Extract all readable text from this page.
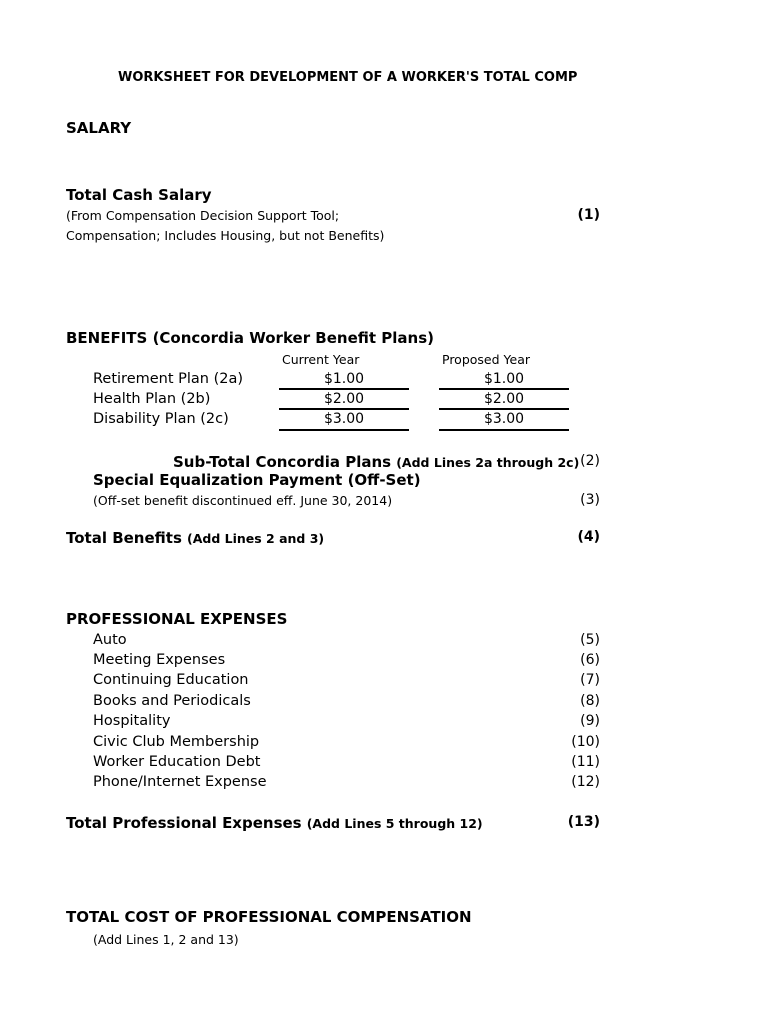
WORKSHEET FOR DEVELOPMENT OF A WORKER'S TOTAL COMP
SALARY
Total Cash Salary
(From Compensation Decision Support Tool;
Compensation; Includes Housing, but not Benefits)
(1)
BENEFITS (Concordia Worker Benefit Plans)
Current Year	Proposed Year
Retirement Plan (2a)	$1.00	$1.00
Health Plan (2b)	$2.00	$2.00
Disability Plan (2c)	$3.00	$3.00
Sub-Total Concordia Plans (Add Lines 2a through 2c) (2)
Special Equalization Payment (Off-Set)
(Off-set benefit discontinued eff. June 30, 2014)	(3)
Total Benefits (Add Lines 2 and 3)	(4)
PROFESSIONAL EXPENSES
Auto	(5)
Meeting Expenses	(6)
Continuing Education	(7)
Books and Periodicals	(8)
Hospitality	(9)
Civic Club Membership	(10)
Worker Education Debt	(11)
Phone/Internet Expense	(12)
Total Professional Expenses (Add Lines 5 through 12)	(13)
TOTAL COST OF PROFESSIONAL COMPENSATION
(Add Lines 1, 2 and 13)
